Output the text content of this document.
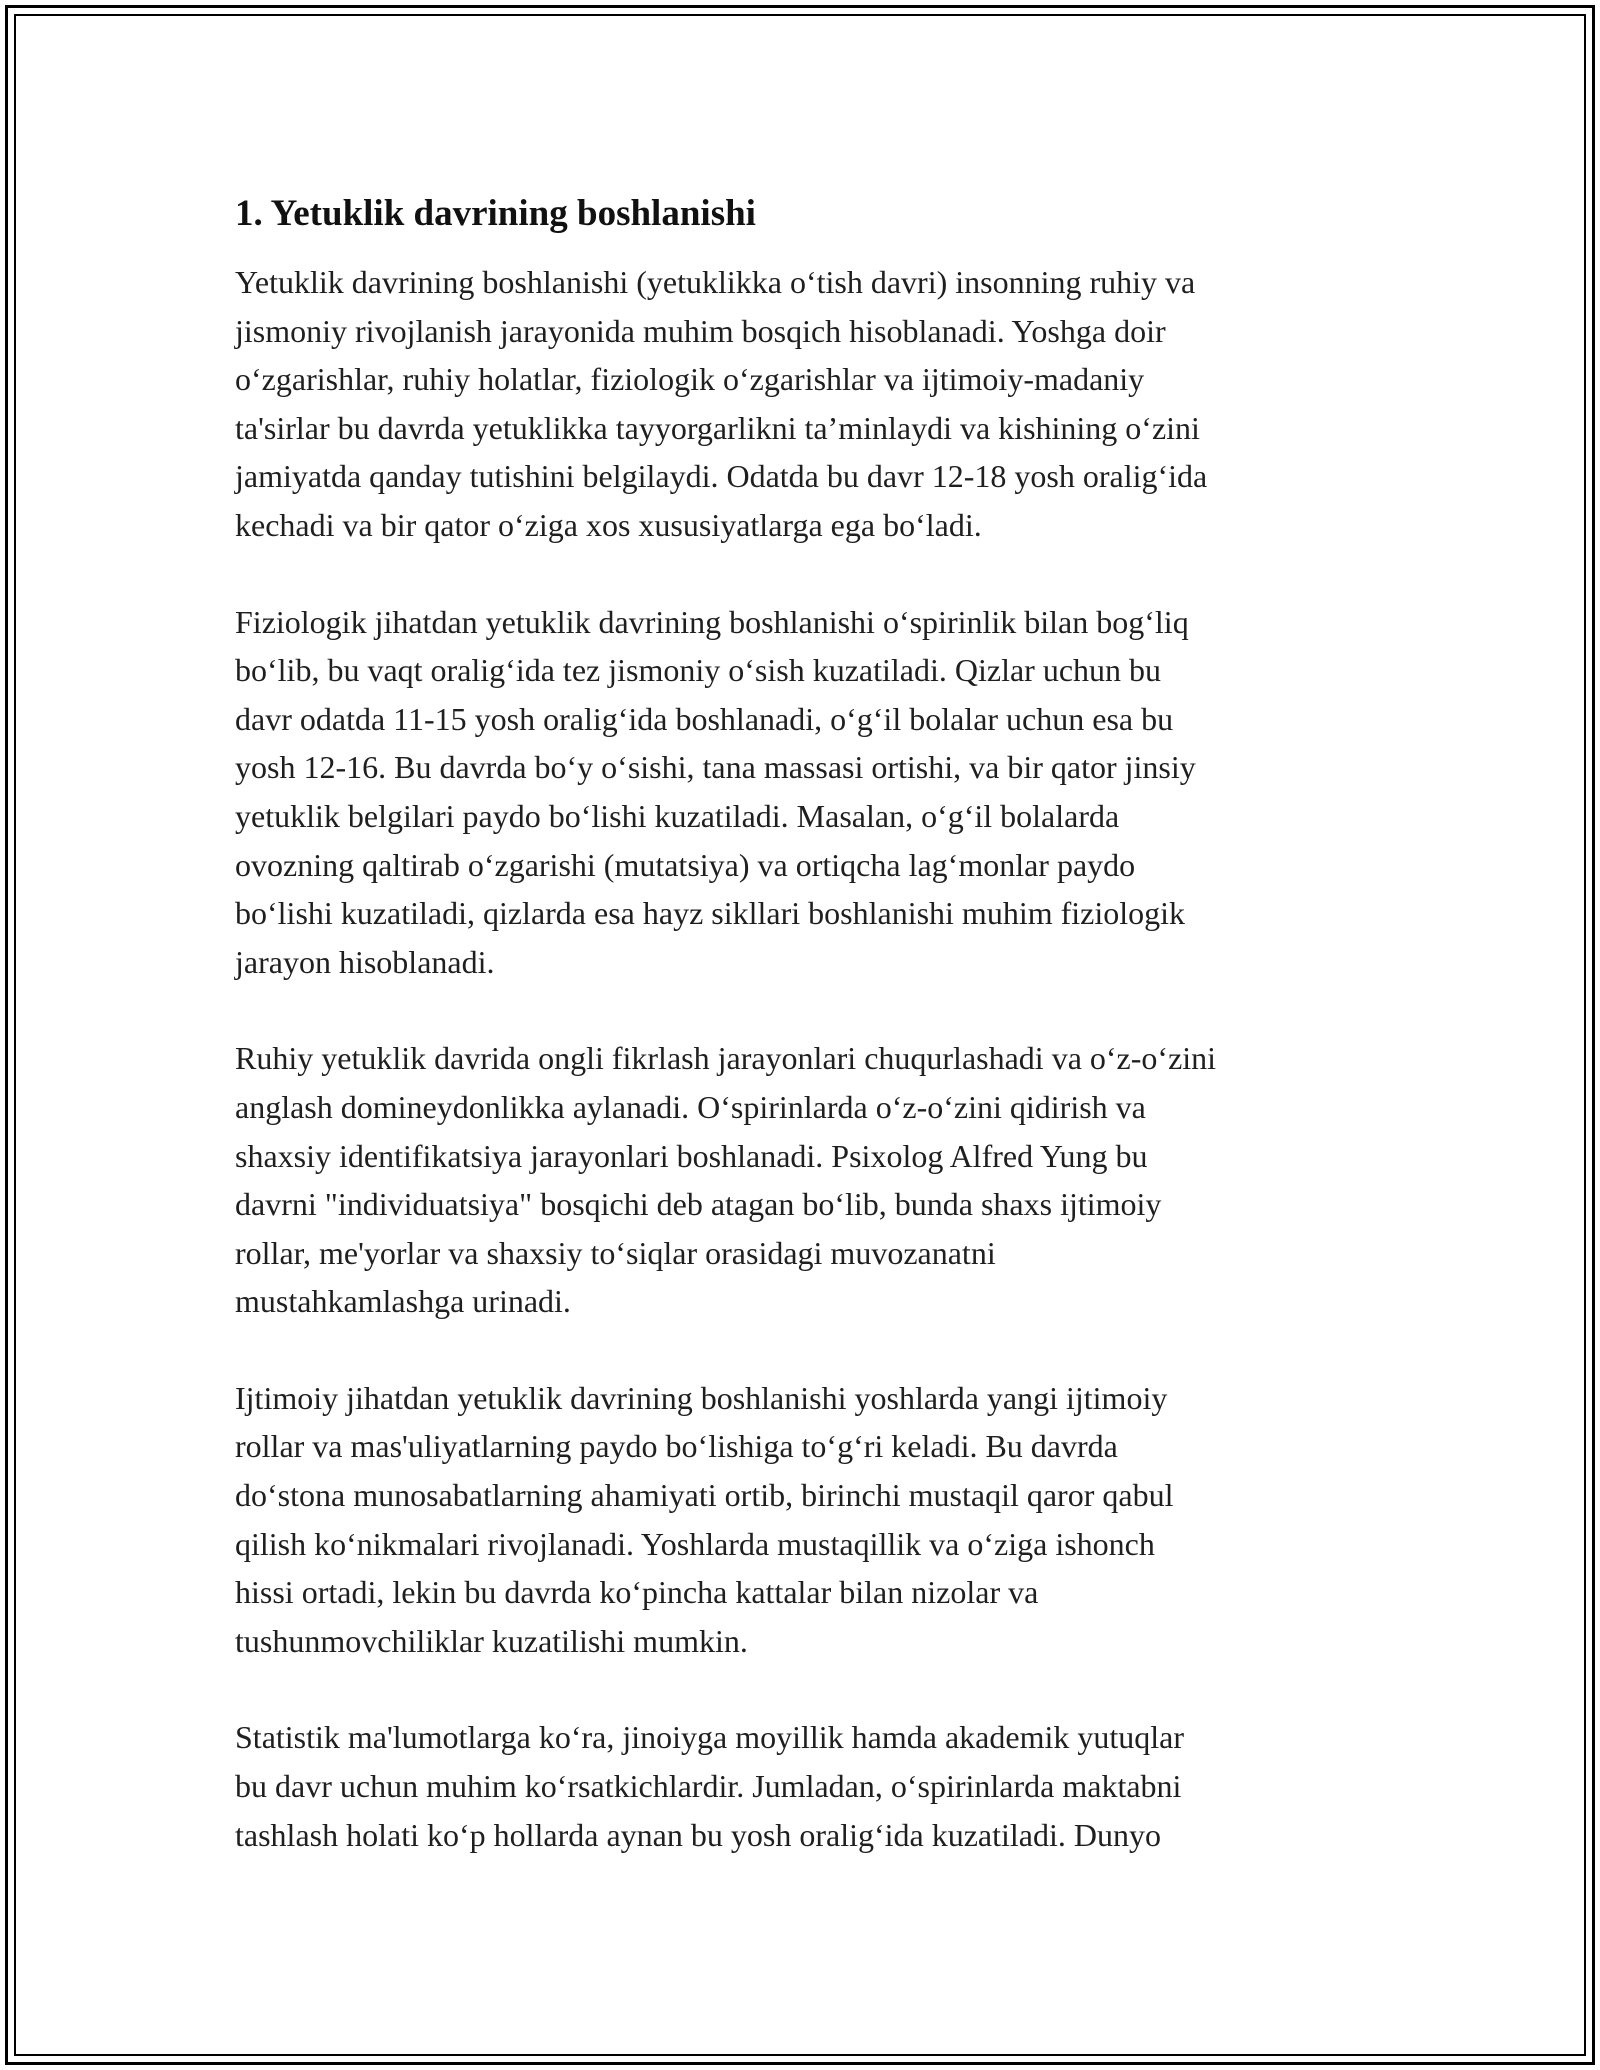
1. Yetuklik davrining boshlanishi

Yetuklik davrining boshlanishi (yetuklikka o‘tish davri) insonning ruhiy va
jismoniy rivojlanish jarayonida muhim bosqich hisoblanadi. Yoshga doir
o‘zgarishlar, ruhiy holatlar, fiziologik o‘zgarishlar va ijtimoiy-madaniy
ta'sirlar bu davrda yetuklikka tayyorgarlikni ta’minlaydi va kishining o‘zini
jamiyatda qanday tutishini belgilaydi. Odatda bu davr 12-18 yosh oralig‘ida
kechadi va bir qator o‘ziga xos xususiyatlarga ega bo‘ladi.

Fiziologik jihatdan yetuklik davrining boshlanishi o‘spirinlik bilan bog‘liq
bo‘lib, bu vaqt oralig‘ida tez jismoniy o‘sish kuzatiladi. Qizlar uchun bu
davr odatda 11-15 yosh oralig‘ida boshlanadi, o‘g‘il bolalar uchun esa bu
yosh 12-16. Bu davrda bo‘y o‘sishi, tana massasi ortishi, va bir qator jinsiy
yetuklik belgilari paydo bo‘lishi kuzatiladi. Masalan, o‘g‘il bolalarda
ovozning qaltirab o‘zgarishi (mutatsiya) va ortiqcha lag‘monlar paydo
bo‘lishi kuzatiladi, qizlarda esa hayz sikllari boshlanishi muhim fiziologik
jarayon hisoblanadi.

Ruhiy yetuklik davrida ongli fikrlash jarayonlari chuqurlashadi va o‘z-o‘zini
anglash domineydonlikka aylanadi. O‘spirinlarda o‘z-o‘zini qidirish va
shaxsiy identifikatsiya jarayonlari boshlanadi. Psixolog Alfred Yung bu
davrni "individuatsiya" bosqichi deb atagan bo‘lib, bunda shaxs ijtimoiy
rollar, me'yorlar va shaxsiy to‘siqlar orasidagi muvozanatni
mustahkamlashga urinadi.

Ijtimoiy jihatdan yetuklik davrining boshlanishi yoshlarda yangi ijtimoiy
rollar va mas'uliyatlarning paydo bo‘lishiga to‘g‘ri keladi. Bu davrda
do‘stona munosabatlarning ahamiyati ortib, birinchi mustaqil qaror qabul
qilish ko‘nikmalari rivojlanadi. Yoshlarda mustaqillik va o‘ziga ishonch
hissi ortadi, lekin bu davrda ko‘pincha kattalar bilan nizolar va
tushunmovchiliklar kuzatilishi mumkin.

Statistik ma'lumotlarga ko‘ra, jinoiyga moyillik hamda akademik yutuqlar
bu davr uchun muhim ko‘rsatkichlardir. Jumladan, o‘spirinlarda maktabni
tashlash holati ko‘p hollarda aynan bu yosh oralig‘ida kuzatiladi. Dunyo
